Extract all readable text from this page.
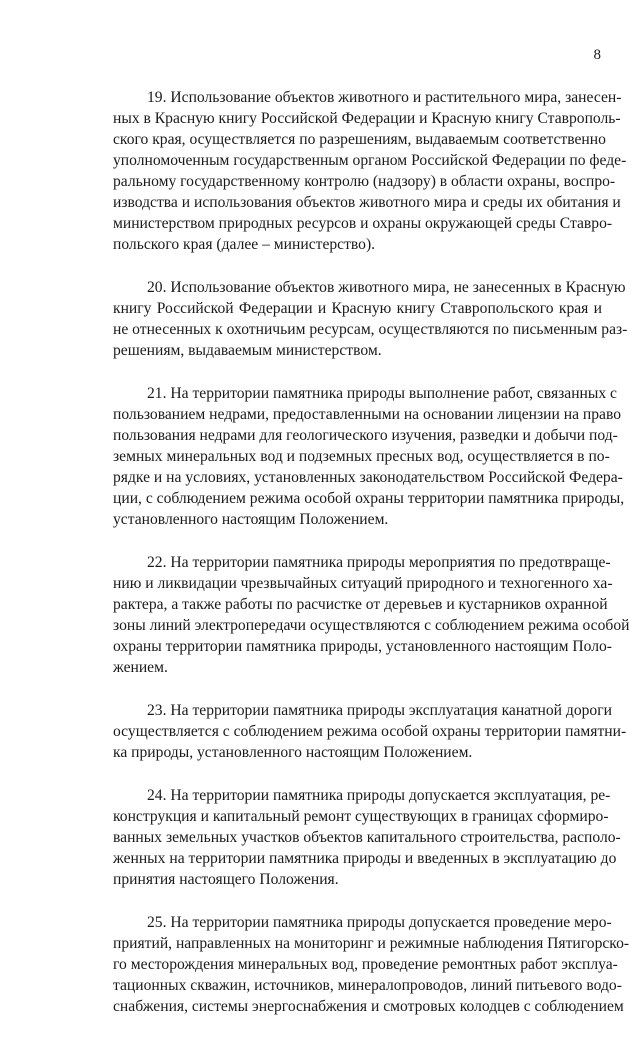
8
19. Использование объектов животного и растительного мира, занесен-
ных в Красную книгу Российской Федерации и Красную книгу Ставрополь-
ского края, осуществляется по разрешениям, выдаваемым соответственно
уполномоченным государственным органом Российской Федерации по феде-
ральному государственному контролю (надзору) в области охраны, воспро-
изводства и использования объектов животного мира и среды их обитания и
министерством природных ресурсов и охраны окружающей среды Ставро-
польского края (далее – министерство).
20. Использование объектов животного мира, не занесенных в Красную
книгу Российской Федерации и Красную книгу Ставропольского края и
не отнесенных к охотничьим ресурсам, осуществляются по письменным раз-
решениям, выдаваемым министерством.
21. На территории памятника природы выполнение работ, связанных с
пользованием недрами, предоставленными на основании лицензии на право
пользования недрами для геологического изучения, разведки и добычи под-
земных минеральных вод и подземных пресных вод, осуществляется в по-
рядке и на условиях, установленных законодательством Российской Федера-
ции, с соблюдением режима особой охраны территории памятника природы,
установленного настоящим Положением.
22. На территории памятника природы мероприятия по предотвраще-
нию и ликвидации чрезвычайных ситуаций природного и техногенного ха-
рактера, а также работы по расчистке от деревьев и кустарников охранной
зоны линий электропередачи осуществляются с соблюдением режима особой
охраны территории памятника природы, установленного настоящим Поло-
жением.
23. На территории памятника природы эксплуатация канатной дороги
осуществляется с соблюдением режима особой охраны территории памятни-
ка природы, установленного настоящим Положением.
24. На территории памятника природы допускается эксплуатация, ре-
конструкция и капитальный ремонт существующих в границах сформиро-
ванных земельных участков объектов капитального строительства, располо-
женных на территории памятника природы и введенных в эксплуатацию до
принятия настоящего Положения.
25. На территории памятника природы допускается проведение меро-
приятий, направленных на мониторинг и режимные наблюдения Пятигорско-
го месторождения минеральных вод, проведение ремонтных работ эксплуа-
тационных скважин, источников, минералопроводов, линий питьевого водо-
снабжения, системы энергоснабжения и смотровых колодцев с соблюдением
